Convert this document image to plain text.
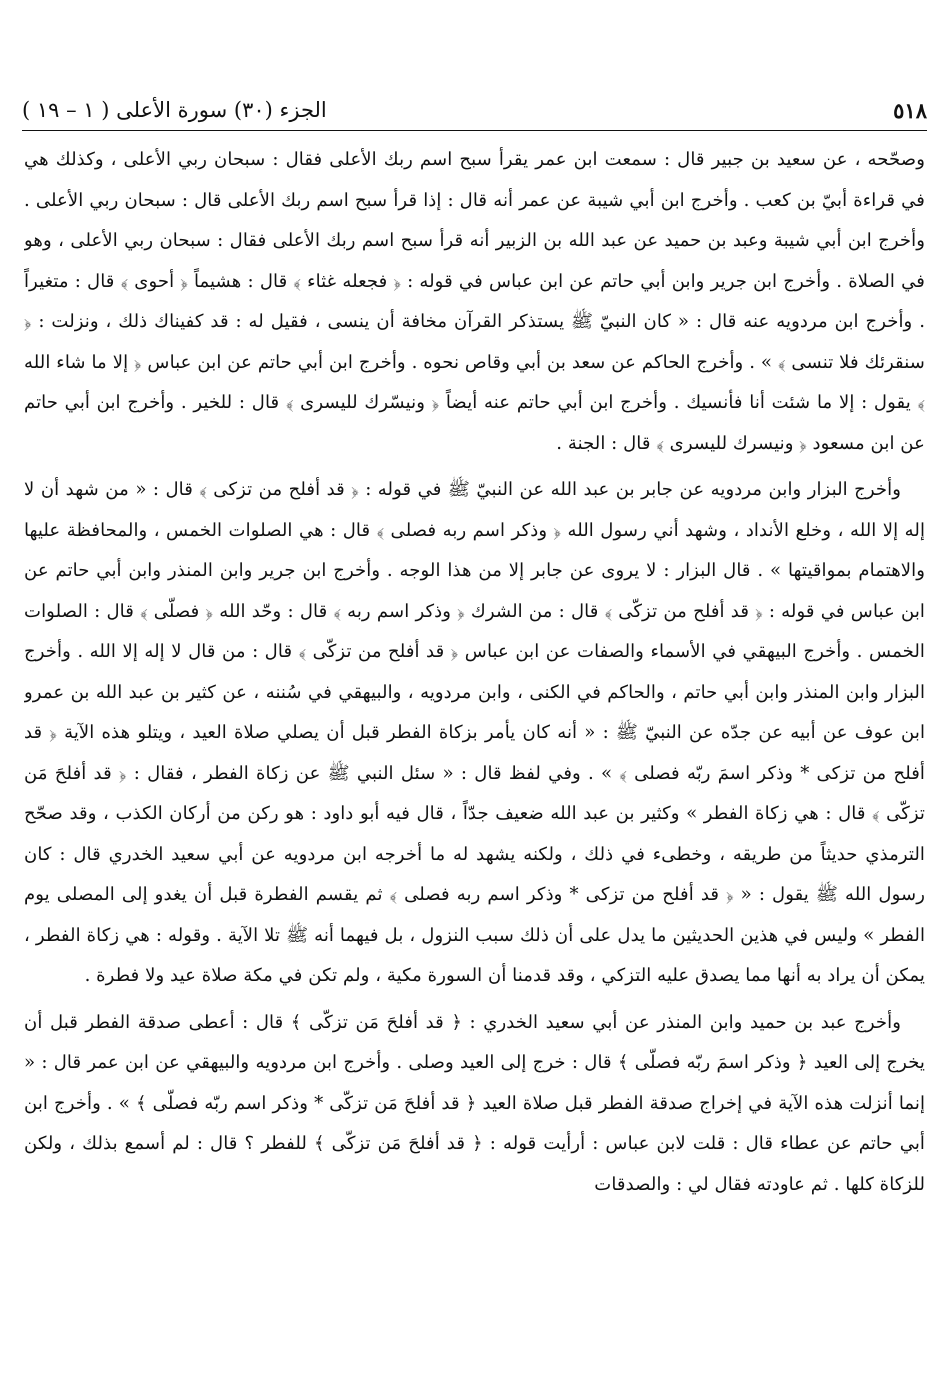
٥١٨
الجزء (٣٠) سورة الأعلى ( ١ – ١٩ )

وصحّحه ، عن سعيد بن جبير قال : سمعت ابن عمر يقرأ سبح اسم ربك الأعلى فقال : سبحان ربي الأعلى ، وكذلك هي في قراءة أبيّ بن كعب . وأخرج ابن أبي شيبة عن عمر أنه قال : إذا قرأ سبح اسم ربك الأعلى قال : سبحان ربي الأعلى . وأخرج ابن أبي شيبة وعبد بن حميد عن عبد الله بن الزبير أنه قرأ سبح اسم ربك الأعلى فقال : سبحان ربي الأعلى ، وهو في الصلاة . وأخرج ابن جرير وابن أبي حاتم عن ابن عباس في قوله : ﴿ فجعله غثاء ﴾ قال : هشيماً ﴿ أحوى ﴾ قال : متغيراً . وأخرج ابن مردويه عنه قال : « كان النبيّ ﷺ يستذكر القرآن مخافة أن ينسى ، فقيل له : قد كفيناك ذلك ، ونزلت : ﴿ سنقرئك فلا تنسى ﴾ » . وأخرج الحاكم عن سعد بن أبي وقاص نحوه . وأخرج ابن أبي حاتم عن ابن عباس ﴿ إلا ما شاء الله ﴾ يقول : إلا ما شئت أنا فأنسيك . وأخرج ابن أبي حاتم عنه أيضاً ﴿ ونيسّرك لليسرى ﴾ قال : للخير . وأخرج ابن أبي حاتم عن ابن مسعود ﴿ ونيسرك لليسرى ﴾ قال : الجنة .

وأخرج البزار وابن مردويه عن جابر بن عبد الله عن النبيّ ﷺ في قوله : ﴿ قد أفلح من تزكى ﴾ قال : « من شهد أن لا إله إلا الله ، وخلع الأنداد ، وشهد أني رسول الله ﴿ وذكر اسم ربه فصلى ﴾ قال : هي الصلوات الخمس ، والمحافظة عليها والاهتمام بمواقيتها » . قال البزار : لا يروى عن جابر إلا من هذا الوجه . وأخرج ابن جرير وابن المنذر وابن أبي حاتم عن ابن عباس في قوله : ﴿ قد أفلح من تزكّى ﴾ قال : من الشرك ﴿ وذكر اسم ربه ﴾ قال : وحّد الله ﴿ فصلّى ﴾ قال : الصلوات الخمس . وأخرج البيهقي في الأسماء والصفات عن ابن عباس ﴿ قد أفلح من تزكّى ﴾ قال : من قال لا إله إلا الله . وأخرج البزار وابن المنذر وابن أبي حاتم ، والحاكم في الكنى ، وابن مردويه ، والبيهقي في سُننه ، عن كثير بن عبد الله بن عمرو ابن عوف عن أبيه عن جدّه عن النبيّ ﷺ : « أنه كان يأمر بزكاة الفطر قبل أن يصلي صلاة العيد ، ويتلو هذه الآية ﴿ قد أفلح من تزكى * وذكر اسمَ ربّه فصلى ﴾ » . وفي لفظ قال : « سئل النبي ﷺ عن زكاة الفطر ، فقال : ﴿ قد أفلحَ مَن تزكّى ﴾ قال : هي زكاة الفطر » وكثير بن عبد الله ضعيف جدّاً ، قال فيه أبو داود : هو ركن من أركان الكذب ، وقد صحّح الترمذي حديثاً من طريقه ، وخطىء في ذلك ، ولكنه يشهد له ما أخرجه ابن مردويه عن أبي سعيد الخدري قال : كان رسول الله ﷺ يقول : « ﴿ قد أفلح من تزكى * وذكر اسم ربه فصلى ﴾ ثم يقسم الفطرة قبل أن يغدو إلى المصلى يوم الفطر » وليس في هذين الحديثين ما يدل على أن ذلك سبب النزول ، بل فيهما أنه ﷺ تلا الآية . وقوله : هي زكاة الفطر ، يمكن أن يراد به أنها مما يصدق عليه التزكي ، وقد قدمنا أن السورة مكية ، ولم تكن في مكة صلاة عيد ولا فطرة .

وأخرج عبد بن حميد وابن المنذر عن أبي سعيد الخدري : ﴿ قد أفلحَ مَن تزكّى ﴾ قال : أعطى صدقة الفطر قبل أن يخرج إلى العيد ﴿ وذكر اسمَ ربّه فصلّى ﴾ قال : خرج إلى العيد وصلى . وأخرج ابن مردويه والبيهقي عن ابن عمر قال : « إنما أنزلت هذه الآية في إخراج صدقة الفطر قبل صلاة العيد ﴿ قد أفلحَ مَن تزكّى * وذكر اسم ربّه فصلّى ﴾ » . وأخرج ابن أبي حاتم عن عطاء قال : قلت لابن عباس : أرأيت قوله : ﴿ قد أفلحَ مَن تزكّى ﴾ للفطر ؟ قال : لم أسمع بذلك ، ولكن للزكاة كلها . ثم عاودته فقال لي : والصدقات
